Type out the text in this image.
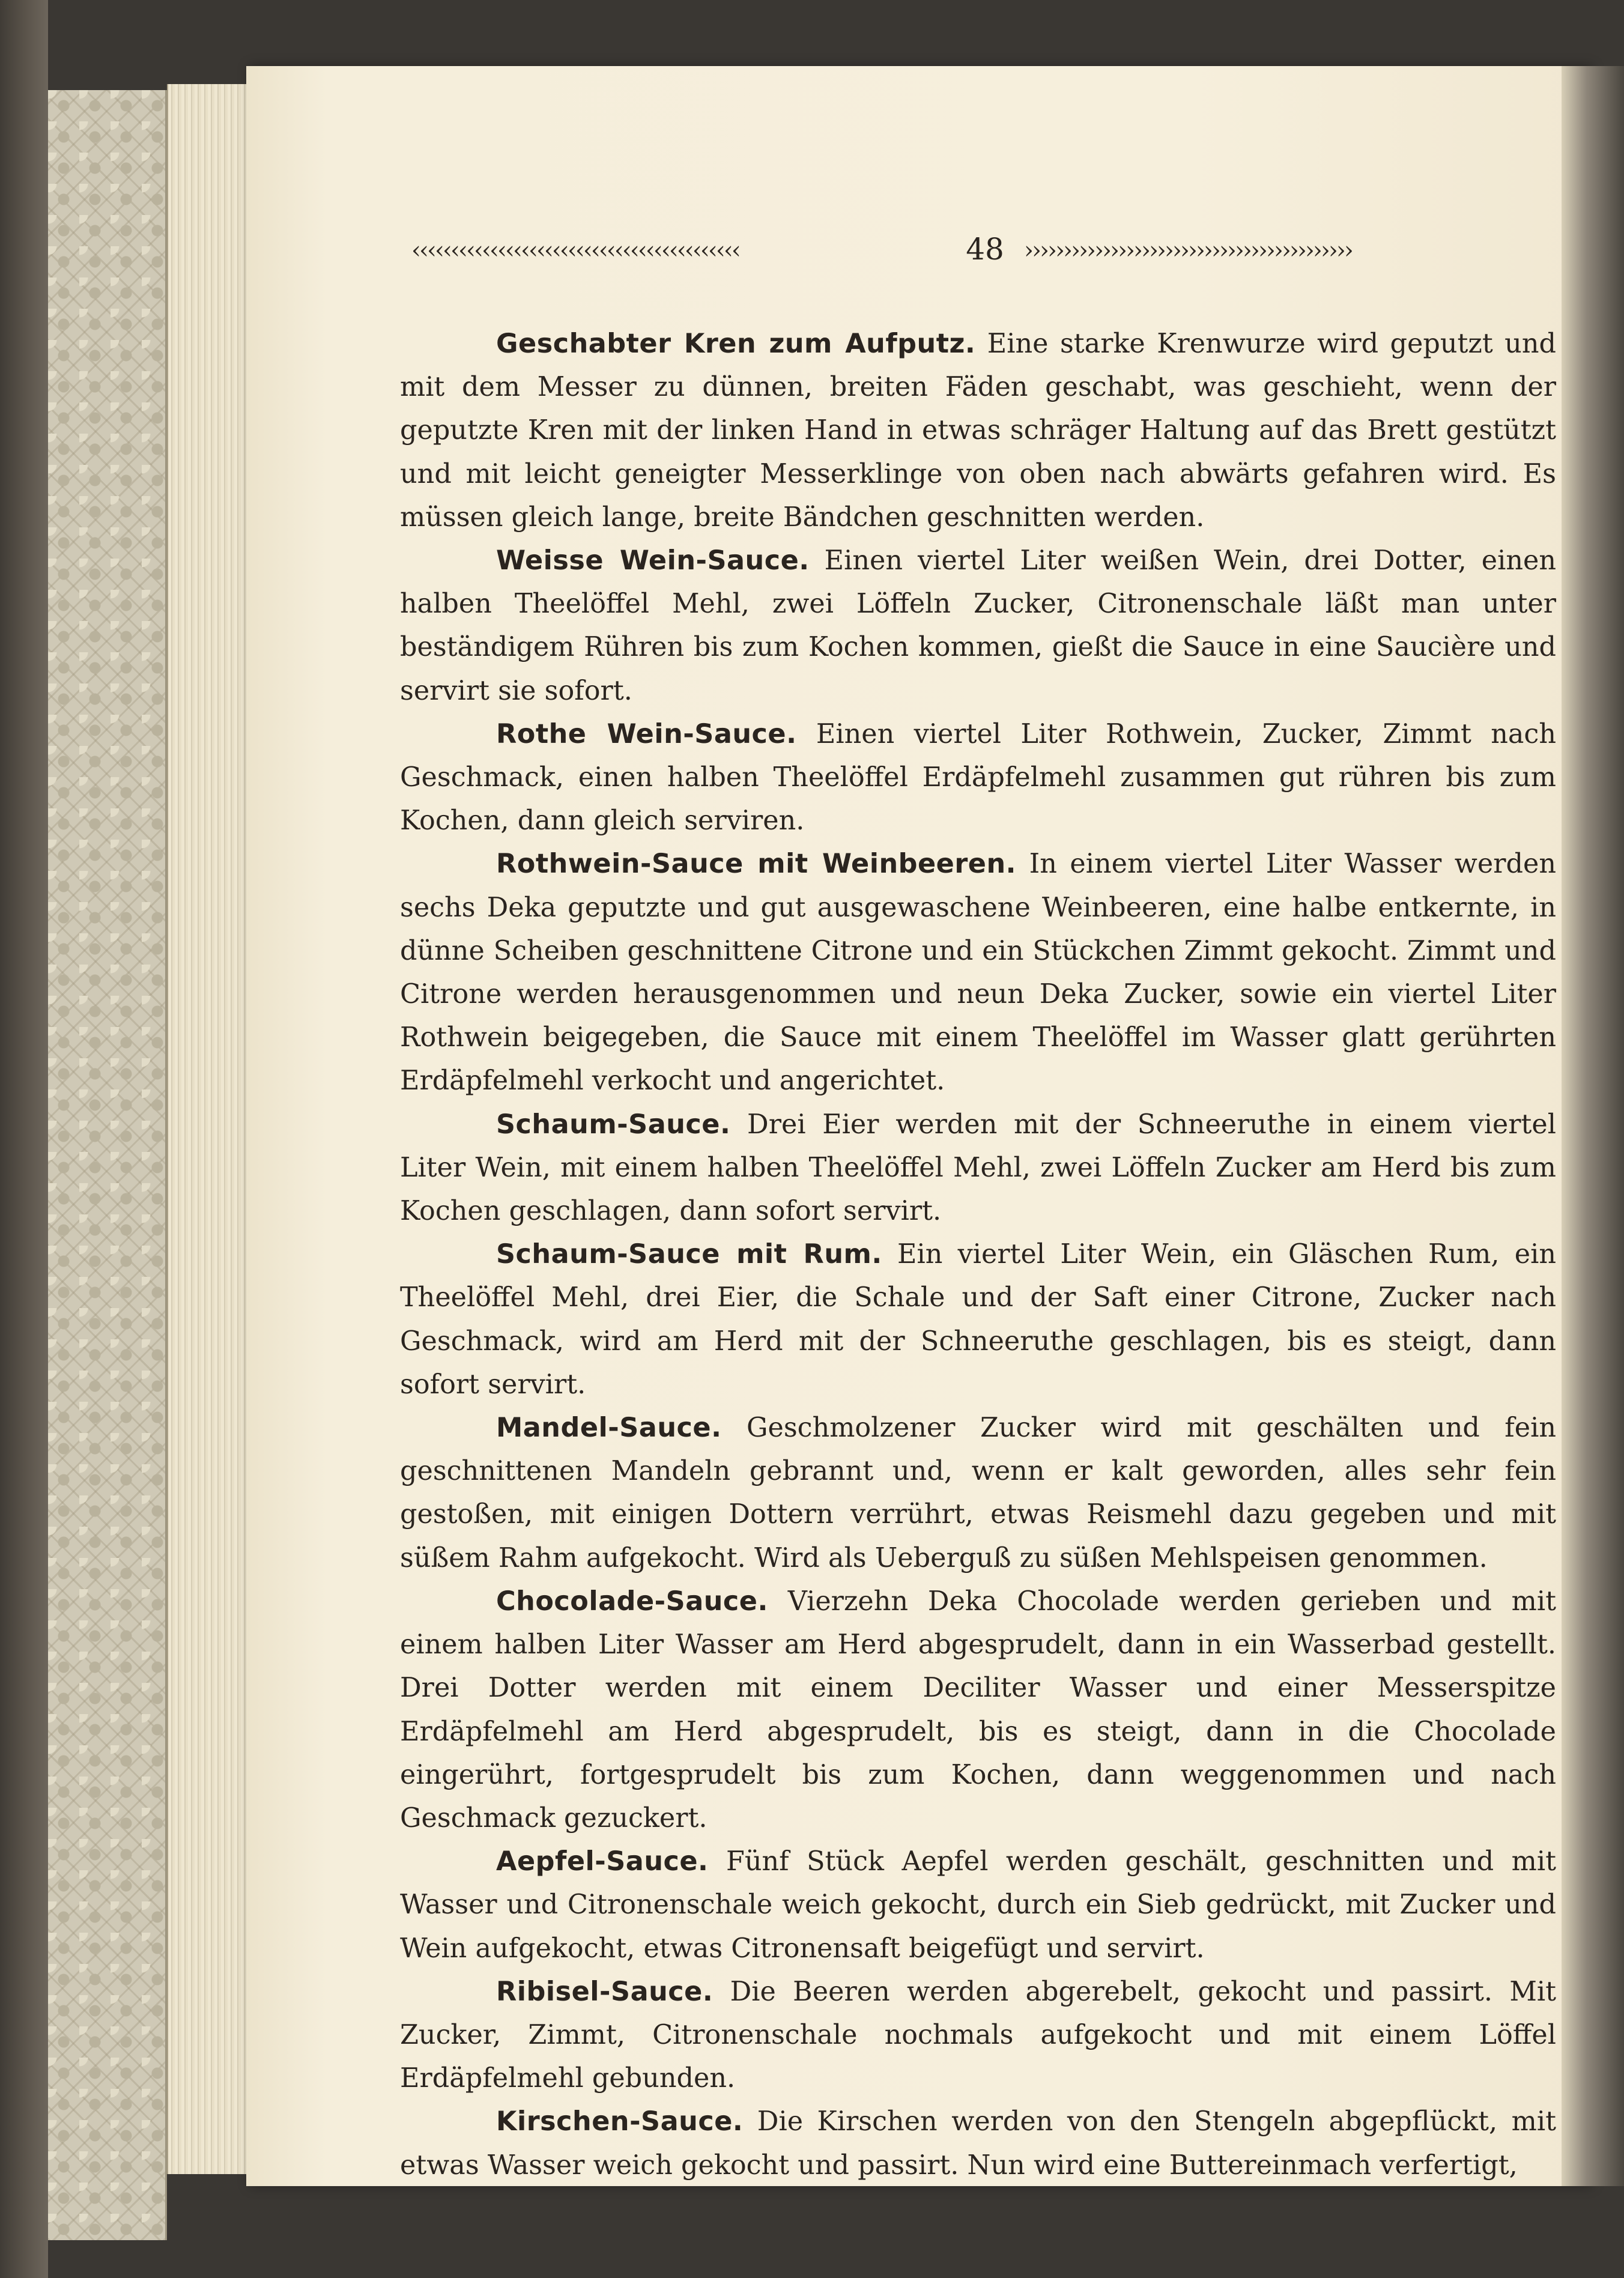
‹‹‹‹‹‹‹‹‹‹‹‹‹‹‹‹‹‹‹‹‹‹‹‹‹‹‹‹‹‹‹‹‹‹‹‹‹‹‹‹‹‹	48 ››››››››››››››››››››››››››››››››››››››››››

Geschabter Kren zum Aufputz. Eine starke Krenwurze wird geputzt und mit dem Messer zu dünnen, breiten Fäden geschabt, was geschieht, wenn der geputzte Kren mit der linken Hand in etwas schräger Haltung auf das Brett gestützt und mit leicht geneigter Messerklinge von oben nach abwärts gefahren wird. Es müssen gleich lange, breite Bändchen geschnitten werden.

Weisse Wein-Sauce. Einen viertel Liter weißen Wein, drei Dotter, einen halben Theelöffel Mehl, zwei Löffeln Zucker, Citronenschale läßt man unter beständigem Rühren bis zum Kochen kommen, gießt die Sauce in eine Saucière und servirt sie sofort.

Rothe Wein-Sauce. Einen viertel Liter Rothwein, Zucker, Zimmt nach Geschmack, einen halben Theelöffel Erdäpfelmehl zusammen gut rühren bis zum Kochen, dann gleich serviren.

Rothwein-Sauce mit Weinbeeren. In einem viertel Liter Wasser werden sechs Deka geputzte und gut ausgewaschene Weinbeeren, eine halbe entkernte, in dünne Scheiben geschnittene Citrone und ein Stückchen Zimmt gekocht. Zimmt und Citrone werden herausgenommen und neun Deka Zucker, sowie ein viertel Liter Rothwein beigegeben, die Sauce mit einem Theelöffel im Wasser glatt gerührten Erdäpfelmehl verkocht und angerichtet.

Schaum-Sauce. Drei Eier werden mit der Schneeruthe in einem viertel Liter Wein, mit einem halben Theelöffel Mehl, zwei Löffeln Zucker am Herd bis zum Kochen geschlagen, dann sofort servirt.

Schaum-Sauce mit Rum. Ein viertel Liter Wein, ein Gläschen Rum, ein Theelöffel Mehl, drei Eier, die Schale und der Saft einer Citrone, Zucker nach Geschmack, wird am Herd mit der Schneeruthe geschlagen, bis es steigt, dann sofort servirt.

Mandel-Sauce. Geschmolzener Zucker wird mit geschälten und fein geschnittenen Mandeln gebrannt und, wenn er kalt geworden, alles sehr fein gestoßen, mit einigen Dottern verrührt, etwas Reismehl dazu gegeben und mit süßem Rahm aufgekocht. Wird als Ueberguß zu süßen Mehlspeisen genommen.

Chocolade-Sauce. Vierzehn Deka Chocolade werden gerieben und mit einem halben Liter Wasser am Herd abgesprudelt, dann in ein Wasserbad gestellt. Drei Dotter werden mit einem Deciliter Wasser und einer Messerspitze Erdäpfelmehl am Herd abgesprudelt, bis es steigt, dann in die Chocolade eingerührt, fortgesprudelt bis zum Kochen, dann weggenommen und nach Geschmack gezuckert.

Aepfel-Sauce. Fünf Stück Aepfel werden geschält, geschnitten und mit Wasser und Citronenschale weich gekocht, durch ein Sieb gedrückt, mit Zucker und Wein aufgekocht, etwas Citronensaft beigefügt und servirt.

Ribisel-Sauce. Die Beeren werden abgerebelt, gekocht und passirt. Mit Zucker, Zimmt, Citronenschale nochmals aufgekocht und mit einem Löffel Erdäpfelmehl gebunden.

Kirschen-Sauce. Die Kirschen werden von den Stengeln abgepflückt, mit etwas Wasser weich gekocht und passirt. Nun wird eine Buttereinmach verfertigt,
